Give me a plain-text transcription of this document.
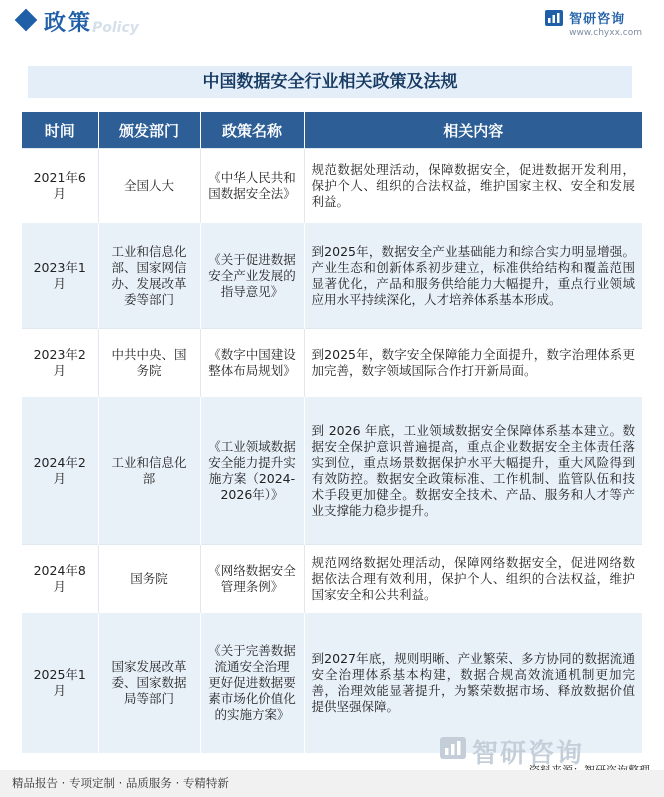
政策 Policy
智研咨询
www.chyxx.com
中国数据安全行业相关政策及法规
时间	颁发部门	政策名称	相关内容
2021年6月	全国人大	《中华人民共和国数据安全法》	规范数据处理活动，保障数据安全，促进数据开发利用，保护个人、组织的合法权益，维护国家主权、安全和发展利益。
2023年1月	工业和信息化部、国家网信办、发展改革委等部门	《关于促进数据安全产业发展的指导意见》	到2025年，数据安全产业基础能力和综合实力明显增强。产业生态和创新体系初步建立，标准供给结构和覆盖范围显著优化，产品和服务供给能力大幅提升，重点行业领域应用水平持续深化，人才培养体系基本形成。
2023年2月	中共中央、国务院	《数字中国建设整体布局规划》	到2025年，数字安全保障能力全面提升，数字治理体系更加完善，数字领域国际合作打开新局面。
2024年2月	工业和信息化部	《工业领域数据安全能力提升实施方案（2024-2026年）》	到 2026 年底，工业领域数据安全保障体系基本建立。数据安全保护意识普遍提高，重点企业数据安全主体责任落实到位，重点场景数据保护水平大幅提升，重大风险得到有效防控。数据安全政策标准、工作机制、监管队伍和技术手段更加健全。数据安全技术、产品、服务和人才等产业支撑能力稳步提升。
2024年8月	国务院	《网络数据安全管理条例》	规范网络数据处理活动，保障网络数据安全，促进网络数据依法合理有效利用，保护个人、组织的合法权益，维护国家安全和公共利益。
2025年1月	国家发展改革委、国家数据局等部门	《关于完善数据流通安全治理 更好促进数据要素市场化价值化的实施方案》	到2027年底，规则明晰、产业繁荣、多方协同的数据流通安全治理体系基本构建，数据合规高效流通机制更加完善，治理效能显著提升，为繁荣数据市场、释放数据价值提供坚强保障。
智研咨询
精品报告 · 专项定制 · 品质服务 · 专精特新
